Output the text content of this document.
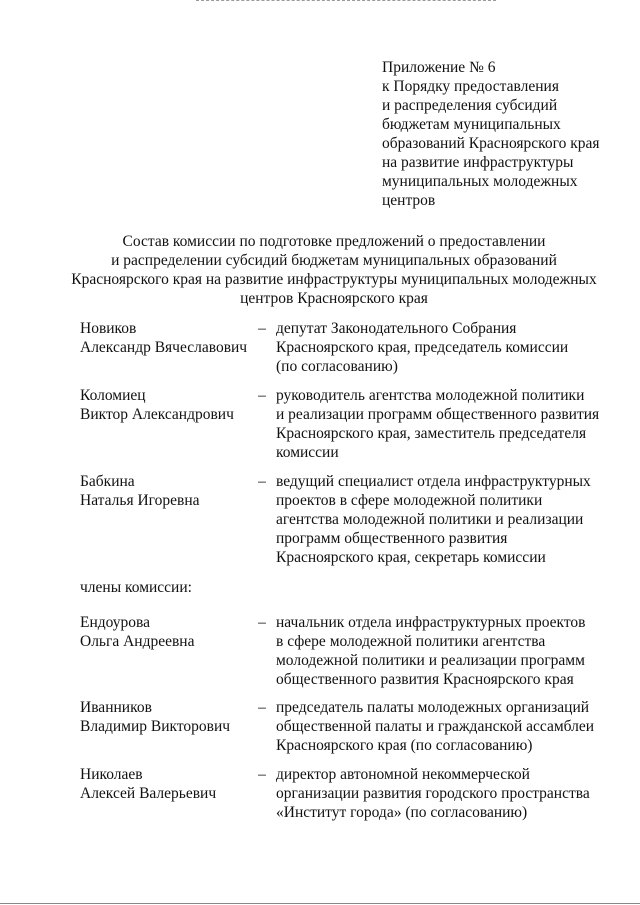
Приложение № 6
к Порядку предоставления
и распределения субсидий
бюджетам муниципальных
образований Красноярского края
на развитие инфраструктуры
муниципальных молодежных
центров
Состав комиссии по подготовке предложений о предоставлении
и распределении субсидий бюджетам муниципальных образований
Красноярского края на развитие инфраструктуры муниципальных молодежных
центров Красноярского края
Новиков
Александр Вячеславович
– депутат Законодательного Собрания
Красноярского края, председатель комиссии
(по согласованию)
Коломиец
Виктор Александрович
– руководитель агентства молодежной политики
и реализации программ общественного развития
Красноярского края, заместитель председателя
комиссии
Бабкина
Наталья Игоревна
– ведущий специалист отдела инфраструктурных
проектов в сфере молодежной политики
агентства молодежной политики и реализации
программ общественного развития
Красноярского края, секретарь комиссии
члены комиссии:
Ендоурова
Ольга Андреевна
– начальник отдела инфраструктурных проектов
в сфере молодежной политики агентства
молодежной политики и реализации программ
общественного развития Красноярского края
Иванников
Владимир Викторович
– председатель палаты молодежных организаций
общественной палаты и гражданской ассамблеи
Красноярского края (по согласованию)
Николаев
Алексей Валерьевич
– директор автономной некоммерческой
организации развития городского пространства
«Институт города» (по согласованию)
